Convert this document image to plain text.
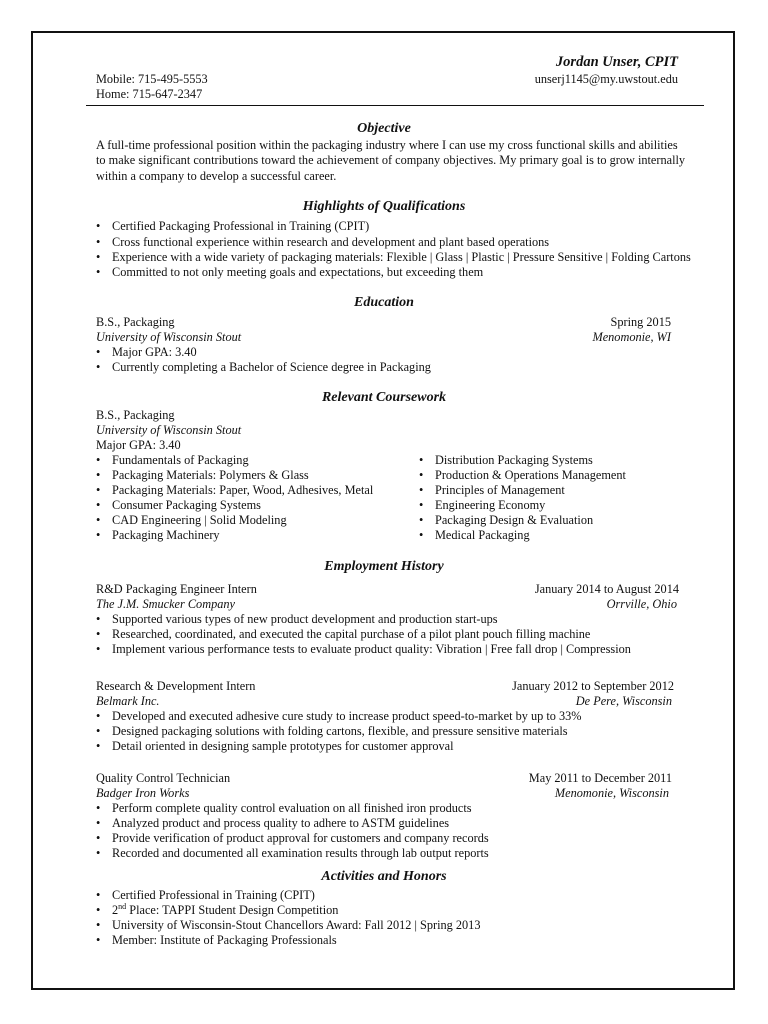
Jordan Unser, CPIT
unserj1145@my.uwstout.edu
Mobile: 715-495-5553
Home: 715-647-2347
Objective
A full-time professional position within the packaging industry where I can use my cross functional skills and abilities
to make significant contributions toward the achievement of company objectives. My primary goal is to grow internally
within a company to develop a successful career.
Highlights of Qualifications
• Certified Packaging Professional in Training (CPIT)
• Cross functional experience within research and development and plant based operations
• Experience with a wide variety of packaging materials: Flexible | Glass | Plastic | Pressure Sensitive | Folding Cartons
• Committed to not only meeting goals and expectations, but exceeding them
Education
B.S., Packaging	Spring 2015
University of Wisconsin Stout	Menomonie, WI
• Major GPA: 3.40
• Currently completing a Bachelor of Science degree in Packaging
Relevant Coursework
B.S., Packaging
University of Wisconsin Stout
Major GPA: 3.40
• Fundamentals of Packaging
• Packaging Materials: Polymers & Glass
• Packaging Materials: Paper, Wood, Adhesives, Metal
• Consumer Packaging Systems
• CAD Engineering | Solid Modeling
• Packaging Machinery
• Distribution Packaging Systems
• Production & Operations Management
• Principles of Management
• Engineering Economy
• Packaging Design & Evaluation
• Medical Packaging
Employment History
R&D Packaging Engineer Intern	January 2014 to August 2014
The J.M. Smucker Company	Orrville, Ohio
• Supported various types of new product development and production start-ups
• Researched, coordinated, and executed the capital purchase of a pilot plant pouch filling machine
• Implement various performance tests to evaluate product quality: Vibration | Free fall drop | Compression
Research & Development Intern	January 2012 to September 2012
Belmark Inc.	De Pere, Wisconsin
• Developed and executed adhesive cure study to increase product speed-to-market by up to 33%
• Designed packaging solutions with folding cartons, flexible, and pressure sensitive materials
• Detail oriented in designing sample prototypes for customer approval
Quality Control Technician	May 2011 to December 2011
Badger Iron Works	Menomonie, Wisconsin
• Perform complete quality control evaluation on all finished iron products
• Analyzed product and process quality to adhere to ASTM guidelines
• Provide verification of product approval for customers and company records
• Recorded and documented all examination results through lab output reports
Activities and Honors
• Certified Professional in Training (CPIT)
• 2nd Place: TAPPI Student Design Competition
• University of Wisconsin-Stout Chancellors Award: Fall 2012 | Spring 2013
• Member: Institute of Packaging Professionals
